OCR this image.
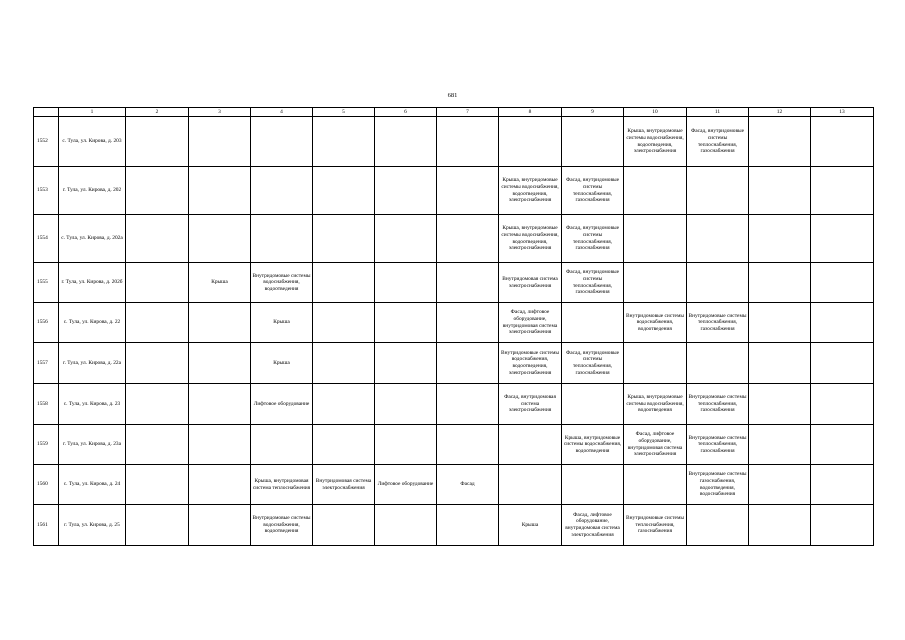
681
	1	2	3	4	5	6	7	8	9	10	11	12	13

1552	с. Тула, ул. Кирова, д. 203									Крыша, внутридомовые системы водоснабжения, водоотведения, электроснабжения	Фасад, внутридомовые системы теплоснабжения, газоснабжения		

1553	г. Тула, ул. Кирова, д. 202							Крыша, внутридомовые системы водоснабжения, водоотведения, электроснабжения	Фасад, внутридомовые системы теплоснабжения, газоснабжения				

1554	с. Тула, ул. Кирова, д. 202а							Крыша, внутридомовые системы водоснабжения, водоотведения, электроснабжения	Фасад, внутридомовые системы теплоснабжения, газоснабжения				

1555	г. Тула, ул. Кирова, д. 202б		Крыша	Внутридомовые системы водоснабжения, водоотведения				Внутридомовая система электроснабжения	Фасад, внутридомовые системы теплоснабжения, газоснабжения				

1556	с. Тула, ул. Кирова, д. 22			Крыша				Фасад, лифтовое оборудование, внутридомовая система электроснабжения		Внутридомовые системы водоснабжения, водоотведения	Внутридомовые системы теплоснабжения, газоснабжения		

1557	г. Тула, ул. Кирова, д. 22а			Крыша				Внутридомовые системы водоснабжения, водоотведения, электроснабжения	Фасад, внутридомовые системы теплоснабжения, газоснабжения				

1558	с. Тула, ул. Кирова, д. 23			Лифтовое оборудование				Фасад, внутридомовая система электроснабжения		Крыша, внутридомовые системы водоснабжения, водоотведения	Внутридомовые системы теплоснабжения, газоснабжения		

1559	г. Тула, ул. Кирова, д. 23а								Крыша, внутридомовые системы водоснабжения, водоотведения	Фасад, лифтовое оборудование, внутридомовая система электроснабжения	Внутридомовые системы теплоснабжения, газоснабжения		

1560	с. Тула, ул. Кирова, д. 24			Крыша, внутридомовая система теплоснабжения	Внутридомовая система электроснабжения	Лифтовое оборудование	Фасад				Внутридомовые системы газоснабжения, водоотведения, водоснабжения		

1561	г. Тула, ул. Кирова, д. 25			Внутридомовые системы водоснабжения, водоотведения				Крыша	Фасад, лифтовое оборудование, внутридомовая система электроснабжения	Внутридомовые системы теплоснабжения, газоснабжения			
